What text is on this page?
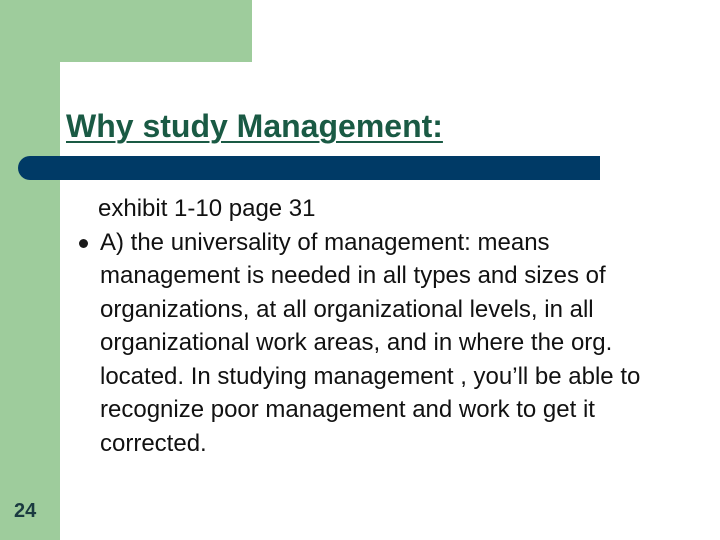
Why study Management:
exhibit 1-10 page 31
A) the universality of management: means management is needed in all types and sizes of organizations, at all organizational levels, in all organizational work areas, and in where the org. located. In studying management , you’ll be able to recognize poor management and work to get it corrected.
24
